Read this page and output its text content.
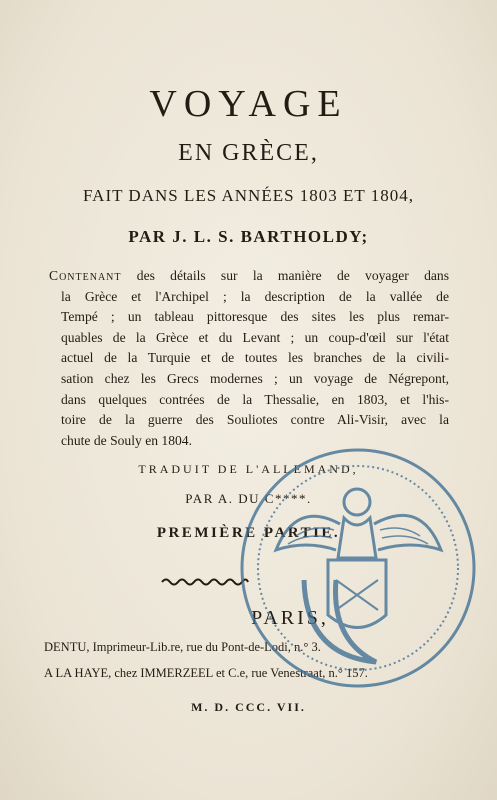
VOYAGE
EN GRÈCE,
FAIT DANS LES ANNÉES 1803 ET 1804,
PAR J. L. S. BARTHOLDY;
Contenant des détails sur la manière de voyager dans
la Grèce et l'Archipel ; la description de la vallée de
Tempé ; un tableau pittoresque des sites les plus remar-
quables de la Grèce et du Levant ; un coup-d'œil sur l'état
actuel de la Turquie et de toutes les branches de la civili-
sation chez les Grecs modernes ; un voyage de Négrepont,
dans quelques contrées de la Thessalie, en 1803, et l'his-
toire de la guerre des Souliotes contre Ali-Visir, avec la
chute de Souly en 1804.
TRADUIT DE L'ALLEMAND,
PAR A. DU C****.
PREMIÈRE PARTIE.
PARIS,
DENTU, Imprimeur-Lib.re, rue du Pont-de-Lodi, n.° 3.
A LA HAYE, chez IMMERZEEL et C.e, rue Venestraat, n.° 157.
M. D. CCC. VII.
